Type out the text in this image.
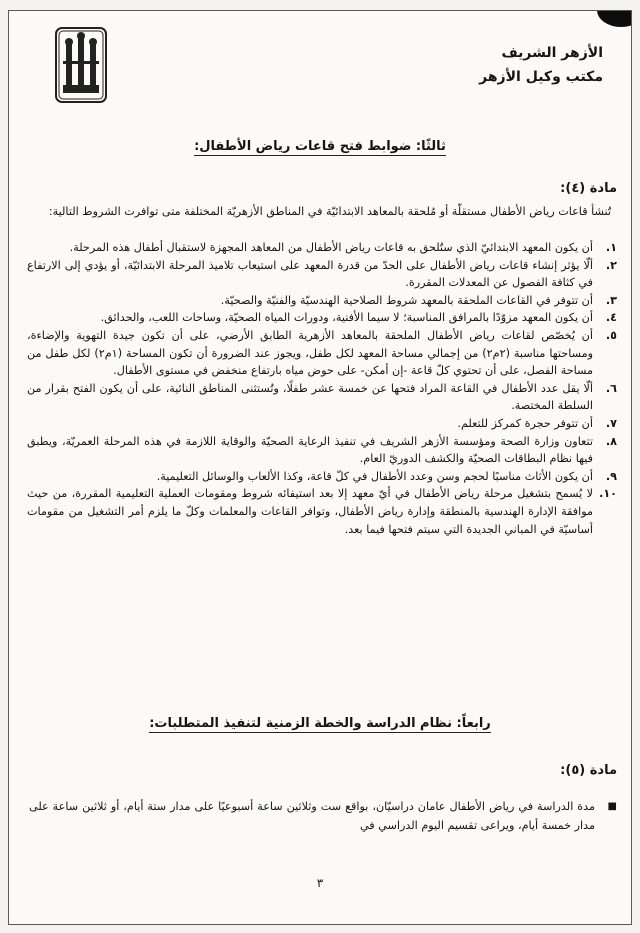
الأزهر الشريف
مكتب وكيل الأزهر
ثالثًا: ضوابط فتح قاعات رياض الأطفال:
مادة (٤):
تُنشأ قاعات رياض الأطفال مستقلّة أو مُلحقة بالمعاهد الابتدائيّة في المناطق الأزهريّة المختلفة متى توافرت الشروط التالية:
١.
أن يكون المعهد الابتدائيّ الذي ستُلحق به قاعات رياض الأطفال من المعاهد المجهزة لاستقبال أطفال هذه المرحلة.
٢.
ألّا يؤثر إنشاء قاعات رياض الأطفال على الحدّ من قدرة المعهد على استيعاب تلاميذ المرحلة الابتدائيّة، أو يؤدي إلى الارتفاع في كثافة الفصول عن المعدلات المقررة.
٣.
أن تتوفر في القاعات الملحقة بالمعهد شروط الصلاحية الهندسيّة والفنيّة والصحيّة.
٤.
أن يكون المعهد مزوّدًا بالمرافق المناسبة؛ لا سيما الأفنية، ودورات المياه الصحيّة، وساحات اللعب، والحدائق.
٥.
أن يُخصّص لقاعات رياض الأطفال الملحقة بالمعاهد الأزهرية الطابق الأرضي، على أن تكون جيدة التهوية والإضاءة، ومساحتها مناسبة (٢م٢) من إجمالي مساحة المعهد لكل طفل، ويجوز عند الضرورة أن تكون المساحة (١م٢) لكل طفل من مساحة الفصل، على أن تحتوي كلّ قاعة -إن أمكن- على حوض مياه بارتفاع منخفض في مستوى الأطفال.
٦.
ألّا يقل عدد الأطفال في القاعة المراد فتحها عن خمسة عشر طفلًا، وتُستثنى المناطق النائية، على أن يكون الفتح بقرار من السلطة المختصة.
٧.
أن تتوفر حجرة كمركز للتعلم.
٨.
تتعاون وزارة الصحة ومؤسسة الأزهر الشريف في تنفيذ الرعاية الصحيّة والوقاية اللازمة في هذه المرحلة العمريّة، ويطبق فيها نظام البطاقات الصحيّة والكشف الدوريّ العام.
٩.
أن يكون الأثاث مناسبًا لحجم وسن وعدد الأطفال في كلّ قاعة، وكذا الألعاب والوسائل التعليمية.
١٠.
لا يُسمح بتشغيل مرحلة رياض الأطفال في أيّ معهد إلا بعد استيفائه شروط ومقومات العملية التعليمية المقررة، من حيث موافقة الإدارة الهندسية بالمنطقة وإدارة رياض الأطفال، وتوافر القاعات والمعلمات وكلّ ما يلزم أمر التشغيل من مقومات أساسيّة في المباني الجديدة التي سيتم فتحها فيما بعد.
رابعاً: نظام الدراسة والخطة الزمنية لتنفيذ المتطلبات:
مادة (٥):
■
مدة الدراسة في رياض الأطفال عامان دراسيّان، بواقع ست وثلاثين ساعة أسبوعيًا على مدار ستة أيام، أو ثلاثين ساعة على مدار خمسة أيام، ويراعى تقسيم اليوم الدراسي في
٣
